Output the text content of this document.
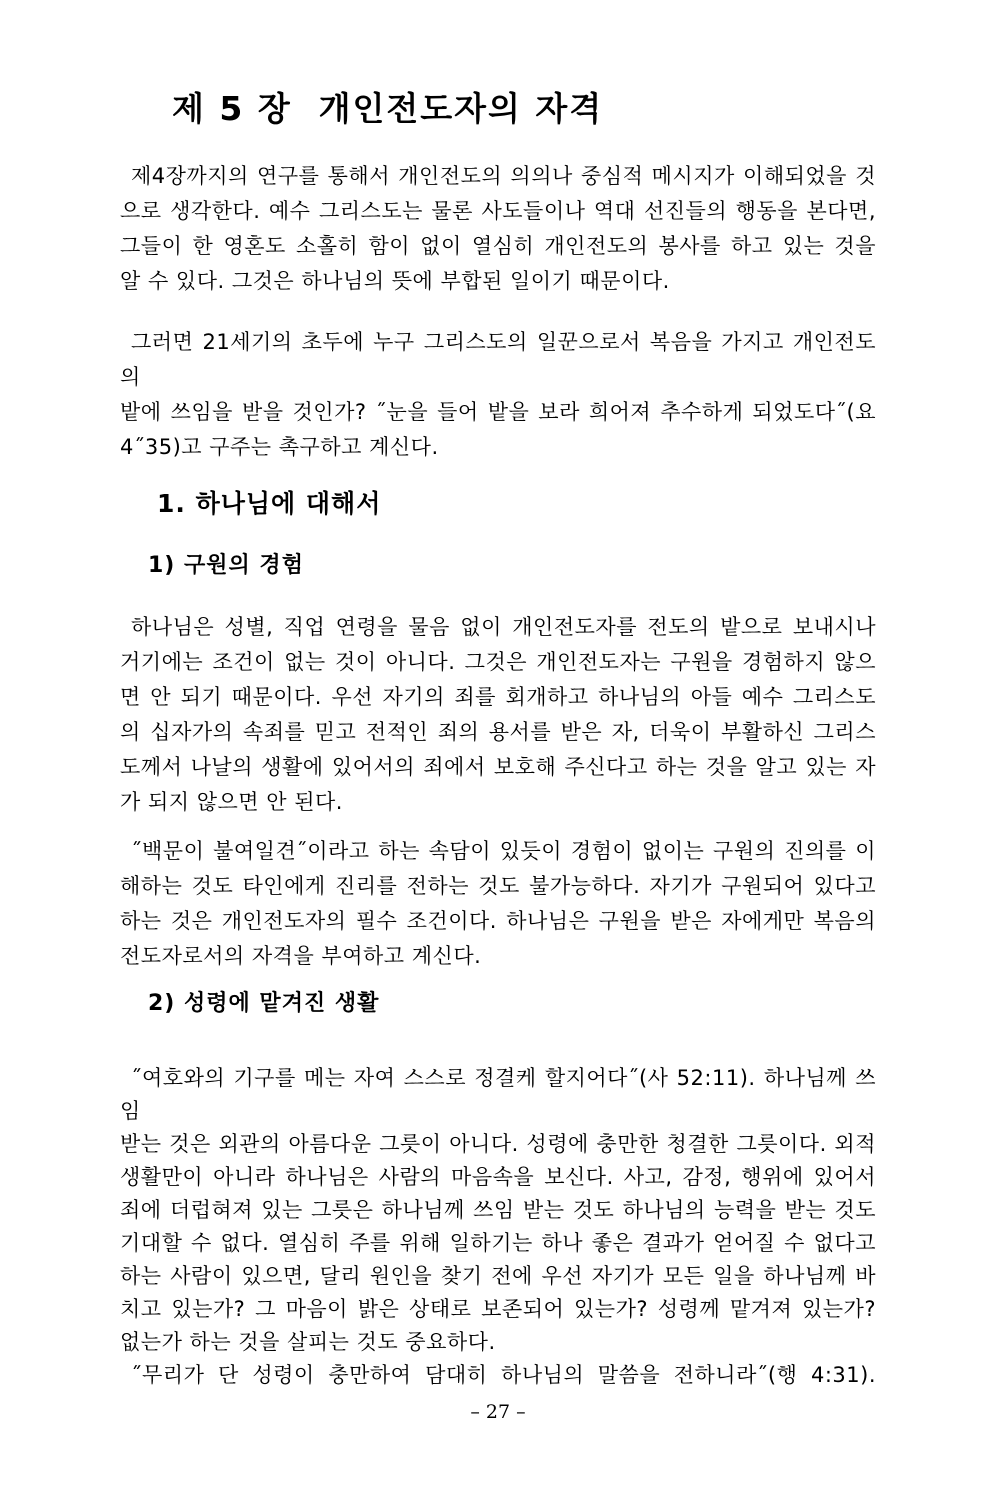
제 5 장  개인전도자의 자격
제4장까지의 연구를 통해서 개인전도의 의의나 중심적 메시지가 이해되었을 것
으로 생각한다. 예수 그리스도는 물론 사도들이나 역대 선진들의 행동을 본다면,
그들이 한 영혼도 소홀히 함이 없이 열심히 개인전도의 봉사를 하고 있는 것을
알 수 있다. 그것은 하나님의 뜻에 부합된 일이기 때문이다.
그러면 21세기의 초두에 누구 그리스도의 일꾼으로서 복음을 가지고 개인전도의
밭에 쓰임을 받을 것인가? ˝눈을 들어 밭을 보라 희어져 추수하게 되었도다˝(요
4˝35)고 구주는 촉구하고 계신다.
1. 하나님에 대해서
1) 구원의 경험
하나님은 성별, 직업 연령을 물음 없이 개인전도자를 전도의 밭으로 보내시나
거기에는 조건이 없는 것이 아니다. 그것은 개인전도자는 구원을 경험하지 않으
면 안 되기 때문이다. 우선 자기의 죄를 회개하고 하나님의 아들 예수 그리스도
의 십자가의 속죄를 믿고 전적인 죄의 용서를 받은 자, 더욱이 부활하신 그리스
도께서 나날의 생활에 있어서의 죄에서 보호해 주신다고 하는 것을 알고 있는 자
가 되지 않으면 안 된다.
˝백문이 불여일견˝이라고 하는 속담이 있듯이 경험이 없이는 구원의 진의를 이
해하는 것도 타인에게 진리를 전하는 것도 불가능하다. 자기가 구원되어 있다고
하는 것은 개인전도자의 필수 조건이다. 하나님은 구원을 받은 자에게만 복음의
전도자로서의 자격을 부여하고 계신다.
2) 성령에 맡겨진 생활
˝여호와의 기구를 메는 자여 스스로 정결케 할지어다˝(사 52:11). 하나님께 쓰임
받는 것은 외관의 아름다운 그릇이 아니다. 성령에 충만한 청결한 그릇이다. 외적
생활만이 아니라 하나님은 사람의 마음속을 보신다. 사고, 감정, 행위에 있어서
죄에 더럽혀져 있는 그릇은 하나님께 쓰임 받는 것도 하나님의 능력을 받는 것도
기대할 수 없다. 열심히 주를 위해 일하기는 하나 좋은 결과가 얻어질 수 없다고
하는 사람이 있으면, 달리 원인을 찾기 전에 우선 자기가 모든 일을 하나님께 바
치고 있는가? 그 마음이 밝은 상태로 보존되어 있는가? 성령께 맡겨져 있는가?
없는가 하는 것을 살피는 것도 중요하다.
˝무리가 단 성령이 충만하여 담대히 하나님의 말씀을 전하니라˝(행 4:31).
– 27 –
